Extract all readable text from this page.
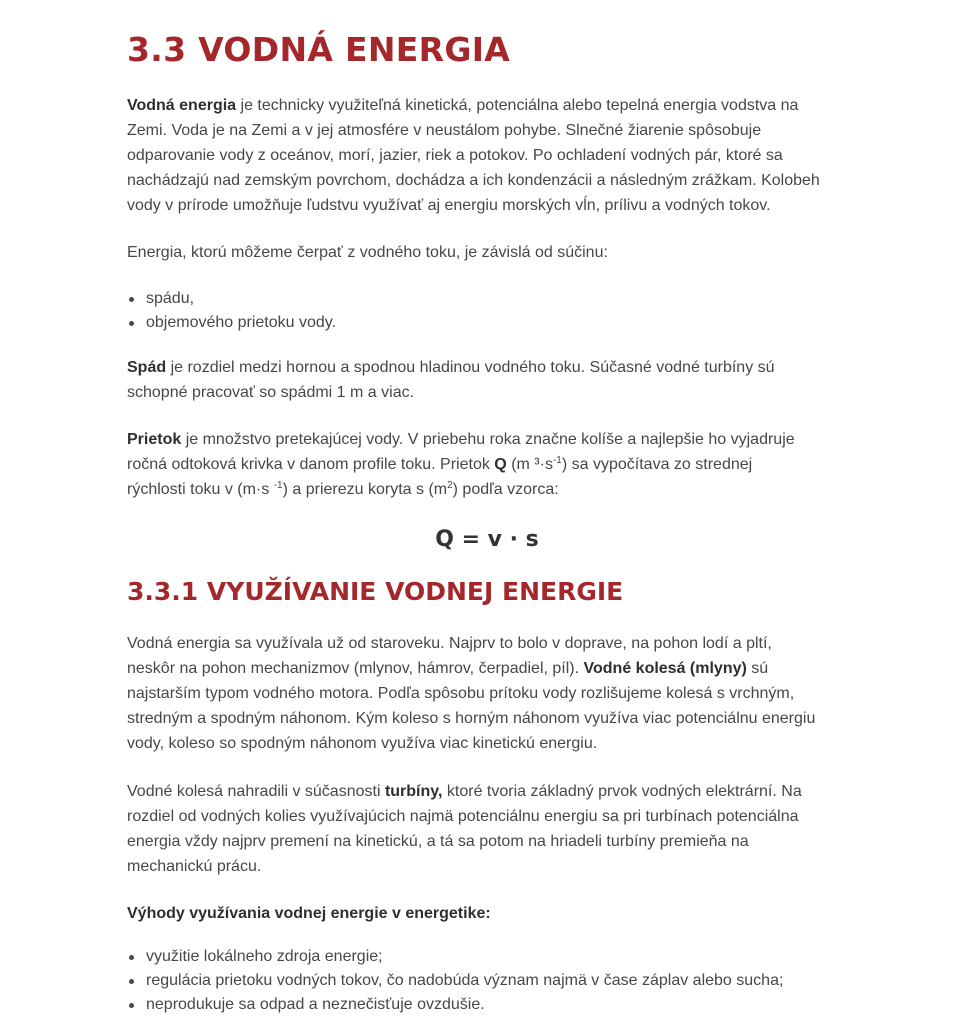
3.3 VODNÁ ENERGIA

Vodná energia je technicky využiteľná kinetická, potenciálna alebo tepelná energia vodstva na
Zemi. Voda je na Zemi a v jej atmosfére v neustálom pohybe. Slnečné žiarenie spôsobuje
odparovanie vody z oceánov, morí, jazier, riek a potokov. Po ochladení vodných pár, ktoré sa
nachádzajú nad zemským povrchom, dochádza a ich kondenzácii a následným zrážkam. Kolobeh
vody v prírode umožňuje ľudstvu využívať aj energiu morských vĺn, prílivu a vodných tokov.

Energia, ktorú môžeme čerpať z vodného toku, je závislá od súčinu:

spádu,
objemového prietoku vody.

Spád je rozdiel medzi hornou a spodnou hladinou vodného toku. Súčasné vodné turbíny sú
schopné pracovať so spádmi 1 m a viac.

Prietok je množstvo pretekajúcej vody. V priebehu roka značne kolíše a najlepšie ho vyjadruje
ročná odtoková krivka v danom profile toku. Prietok Q (m $^3\cdot s^{-1}$) sa vypočítava zo strednej
rýchlosti toku v (m·s $^{-1}$) a prierezu koryta s $(m^2)$ podľa vzorca:

Q = v · s
3.3.1 VYUŽÍVANIE VODNEJ ENERGIE

Vodná energia sa využívala už od staroveku. Najprv to bolo v doprave, na pohon lodí a pltí,
neskôr na pohon mechanizmov (mlynov, hámrov, čerpadiel, píl). Vodné kolesá (mlyny) sú
najstarším typom vodného motora. Podľa spôsobu prítoku vody rozlišujeme kolesá s vrchným,
stredným a spodným náhonom. Kým koleso s horným náhonom využíva viac potenciálnu energiu
vody, koleso so spodným náhonom využíva viac kinetickú energiu.

Vodné kolesá nahradili v súčasnosti turbíny, ktoré tvoria základný prvok vodných elektrární. Na
rozdiel od vodných kolies využívajúcich najmä potenciálnu energiu sa pri turbínach potenciálna
energia vždy najprv premení na kinetickú, a tá sa potom na hriadeli turbíny premieňa na
mechanickú prácu.

Výhody využívania vodnej energie v energetike:

využitie lokálneho zdroja energie;
regulácia prietoku vodných tokov, čo nadobúda význam najmä v čase záplav alebo sucha;
neprodukuje sa odpad a neznečisťuje ovzdušie.
